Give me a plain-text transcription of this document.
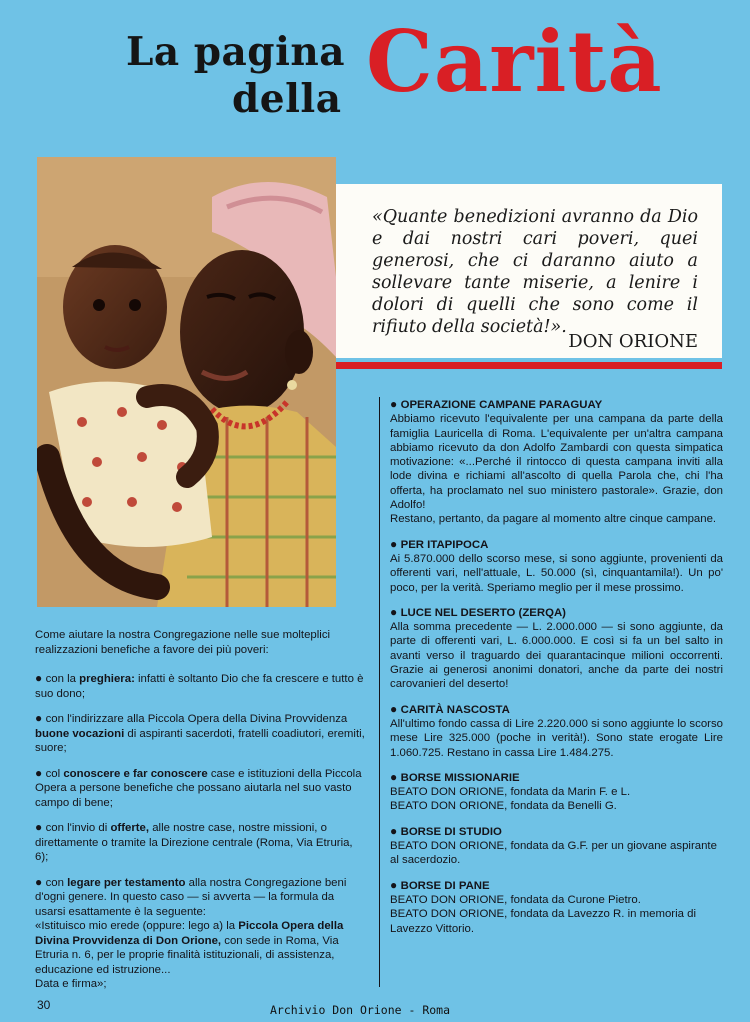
La pagina
della Carità

«Quante benedizioni avranno da Dio e dai nostri cari poveri, quei generosi, che ci daranno aiuto a sollevare tante miserie, a lenire i dolori di quelli che sono come il rifiuto della società!».

DON ORIONE

Come aiutare la nostra Congregazione nelle sue molteplici realizzazioni benefiche a favore dei più poveri:

● con la preghiera: infatti è soltanto Dio che fa crescere e tutto è suo dono;

● con l'indirizzare alla Piccola Opera della Divina Provvidenza buone vocazioni di aspiranti sacerdoti, fratelli coadiutori, eremiti, suore;

● col conoscere e far conoscere case e istituzioni della Piccola Opera a persone benefiche che possano aiutarla nel suo vasto campo di bene;

● con l'invio di offerte, alle nostre case, nostre missioni, o direttamente o tramite la Direzione centrale (Roma, Via Etruria, 6);

● con legare per testamento alla nostra Congregazione beni d'ogni genere. In questo caso — si avverta — la formula da usarsi esattamente è la seguente:
«Istituisco mio erede (oppure: lego a) la Piccola Opera della Divina Provvidenza di Don Orione, con sede in Roma, Via Etruria n. 6, per le proprie finalità istituzionali, di assistenza, educazione ed istruzione...
Data e firma»;

● OPERAZIONE CAMPANE PARAGUAY

Abbiamo ricevuto l'equivalente per una campana da parte della famiglia Lauricella di Roma. L'equivalente per un'altra campana abbiamo ricevuto da don Adolfo Zambardi con questa simpatica motivazione: «...Perché il rintocco di questa campana inviti alla lode divina e richiami all'ascolto di quella Parola che, chi l'ha offerta, ha proclamato nel suo ministero pastorale». Grazie, don Adolfo!

Restano, pertanto, da pagare al momento altre cinque campane.

● PER ITAPIPOCA

Ai 5.870.000 dello scorso mese, si sono aggiunte, provenienti da offerenti vari, nell'attuale, L. 50.000 (sì, cinquantamila!). Un po' poco, per la verità. Speriamo meglio per il mese prossimo.

● LUCE NEL DESERTO (ZERQA)

Alla somma precedente — L. 2.000.000 — si sono aggiunte, da parte di offerenti vari, L. 6.000.000. E così si fa un bel salto in avanti verso il traguardo dei quarantacinque milioni occorrenti. Grazie ai generosi anonimi donatori, anche da parte dei nostri carovanieri del deserto!

● CARITÀ NASCOSTA

All'ultimo fondo cassa di Lire 2.220.000 si sono aggiunte lo scorso mese Lire 325.000 (poche in verità!). Sono state erogate Lire 1.060.725. Restano in cassa Lire 1.484.275.

● BORSE MISSIONARIE

BEATO DON ORIONE, fondata da Marin F. e L.

BEATO DON ORIONE, fondata da Benelli G.

● BORSE DI STUDIO

BEATO DON ORIONE, fondata da G.F. per un giovane aspirante al sacerdozio.

● BORSE DI PANE

BEATO DON ORIONE, fondata da Curone Pietro.

BEATO DON ORIONE, fondata da Lavezzo R. in memoria di Lavezzo Vittorio.

30	Archivio Don Orione - Roma
